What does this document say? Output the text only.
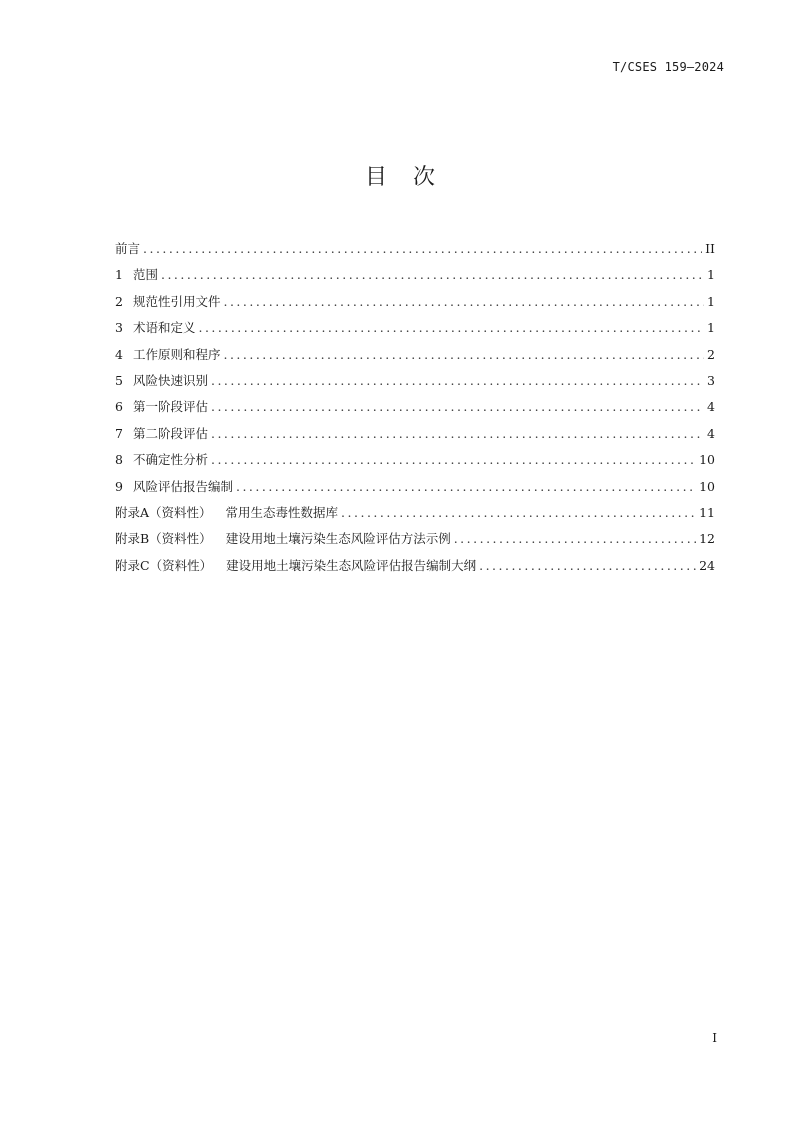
T/CSES 159—2024
目次
前言 .....	II
1 范围 .....	1
2 规范性引用文件 .....	1
3 术语和定义 .....	1
4 工作原则和程序 .....	2
5 风险快速识别 .....	3
6 第一阶段评估 .....	4
7 第二阶段评估 .....	4
8 不确定性分析 .....	10
9 风险评估报告编制 .....	10
附录A（资料性） 常用生态毒性数据库 .....	11
附录B（资料性） 建设用地土壤污染生态风险评估方法示例 .....	12
附录C（资料性） 建设用地土壤污染生态风险评估报告编制大纲 .....	24
I
